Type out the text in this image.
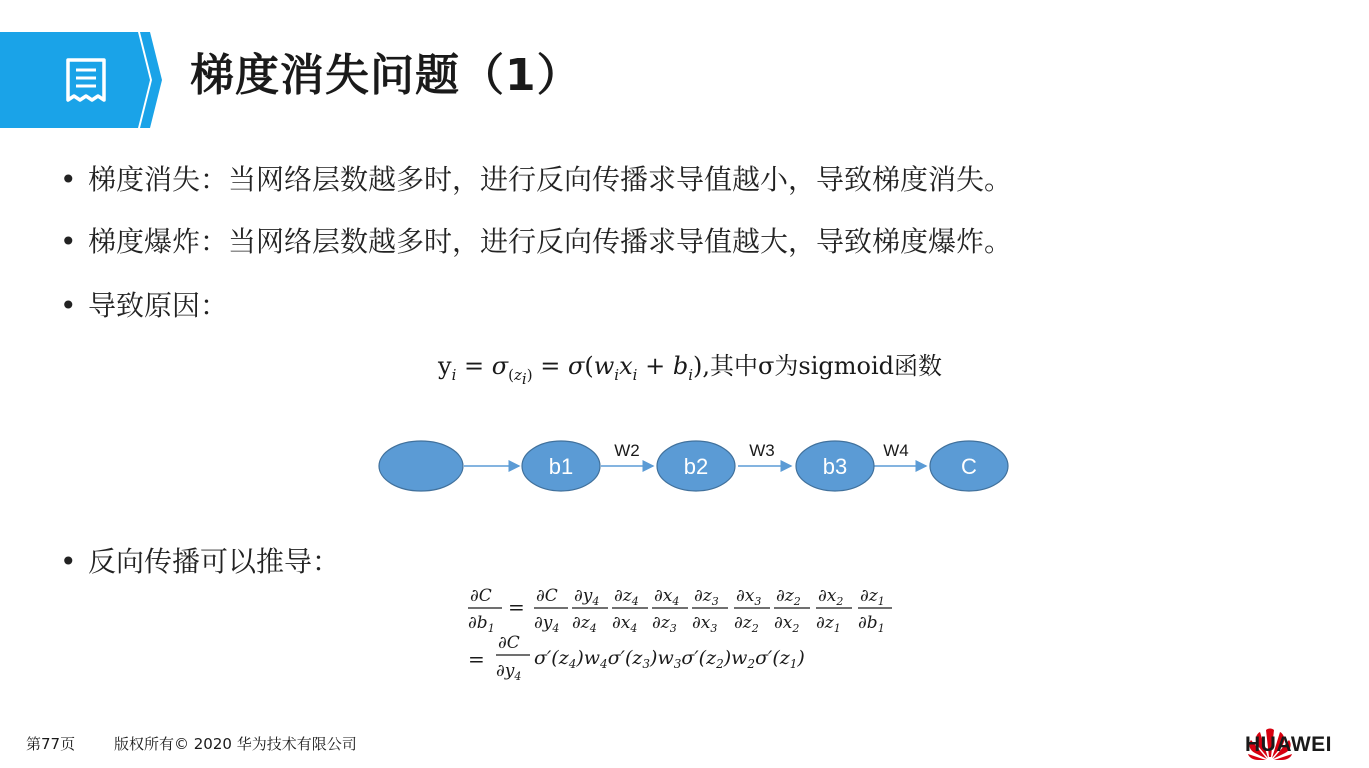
梯度消失问题（1）
• 梯度消失：当网络层数越多时，进行反向传播求导值越小，导致梯度消失。
• 梯度爆炸：当网络层数越多时，进行反向传播求导值越大，导致梯度爆炸。
• 导致原因：
• 反向传播可以推导：
$y_i = \sigma_{(z_i)} = \sigma(w_ix_i + b_i)$,其中σ为sigmoid函数
W2	W3	W4
b1	b2	b3	C
∂C
$\partial b_1$
= ∂C
$\partial y_4$
$\partial y_4$
$\partial z_4$
$\partial z_4$
$\partial x_4$
$\partial x_4$
$\partial z_3$
$\partial z_3$
$\partial x_3$
$\partial x_3$
$\partial z_2$
$\partial z_2$
$\partial x_2$
$\partial x_2$
$\partial z_1$
$\partial z_1$
$\partial b_1$
=
∂C
$\partial y_4$
$\sigma'(z_4)w_4\sigma'(z_3)w_3\sigma'(z_2)w_2\sigma'(z_1)$
第77页	版权所有© 2020 华为技术有限公司	HUAWEI
